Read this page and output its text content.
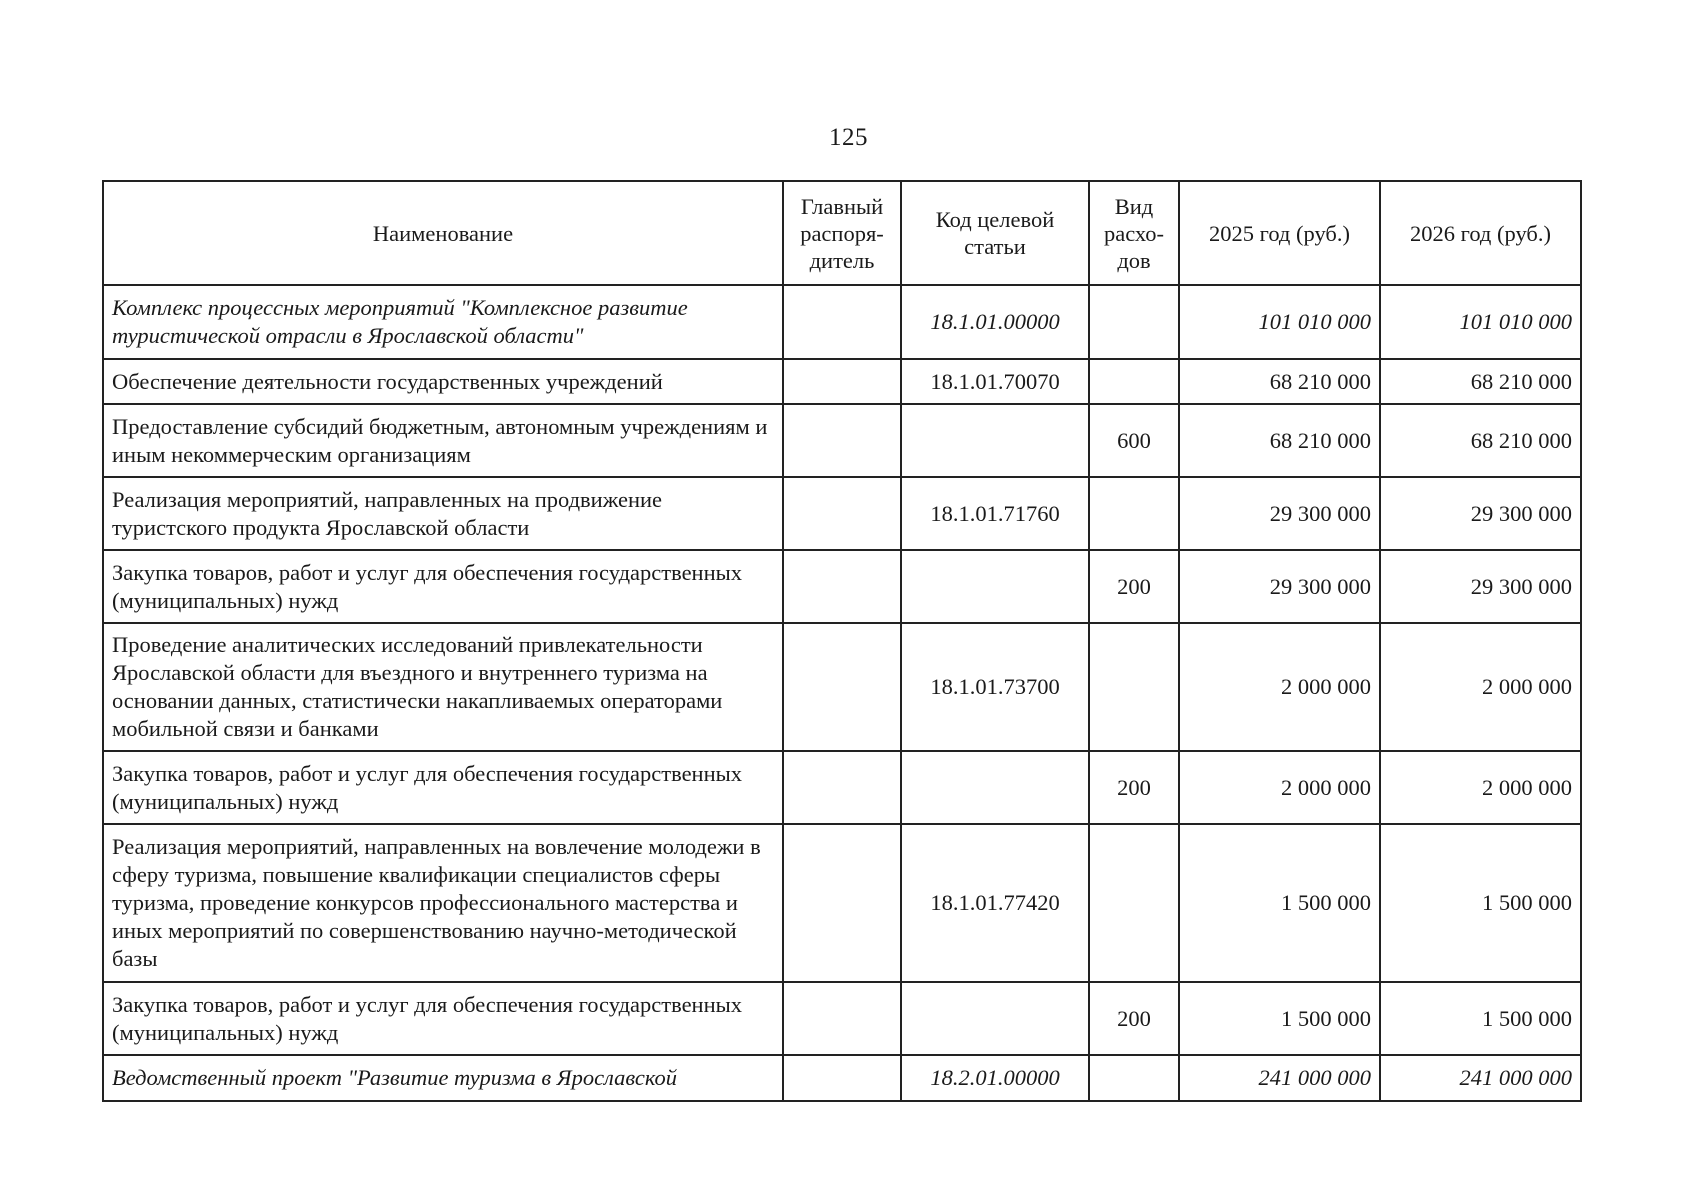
125
Наименование	Главный распоря-дитель	Код целевой статьи	Вид расхо-дов	2025 год (руб.)	2026 год (руб.)
Комплекс процессных мероприятий "Комплексное развитие туристической отрасли в Ярославской области"		18.1.01.00000		101 010 000	101 010 000
Обеспечение деятельности государственных учреждений		18.1.01.70070		68 210 000	68 210 000
Предоставление субсидий бюджетным, автономным учреждениям и иным некоммерческим организациям			600	68 210 000	68 210 000
Реализация мероприятий, направленных на продвижение туристского продукта Ярославской области		18.1.01.71760		29 300 000	29 300 000
Закупка товаров, работ и услуг для обеспечения государственных (муниципальных) нужд			200	29 300 000	29 300 000
Проведение аналитических исследований привлекательности Ярославской области для въездного и внутреннего туризма на основании данных, статистически накапливаемых операторами мобильной связи и банками		18.1.01.73700		2 000 000	2 000 000
Закупка товаров, работ и услуг для обеспечения государственных (муниципальных) нужд			200	2 000 000	2 000 000
Реализация мероприятий, направленных на вовлечение молодежи в сферу туризма, повышение квалификации специалистов сферы туризма, проведение конкурсов профессионального мастерства и иных мероприятий по совершенствованию научно-методической базы		18.1.01.77420		1 500 000	1 500 000
Закупка товаров, работ и услуг для обеспечения государственных (муниципальных) нужд			200	1 500 000	1 500 000
Ведомственный проект "Развитие туризма в Ярославской		18.2.01.00000		241 000 000	241 000 000
